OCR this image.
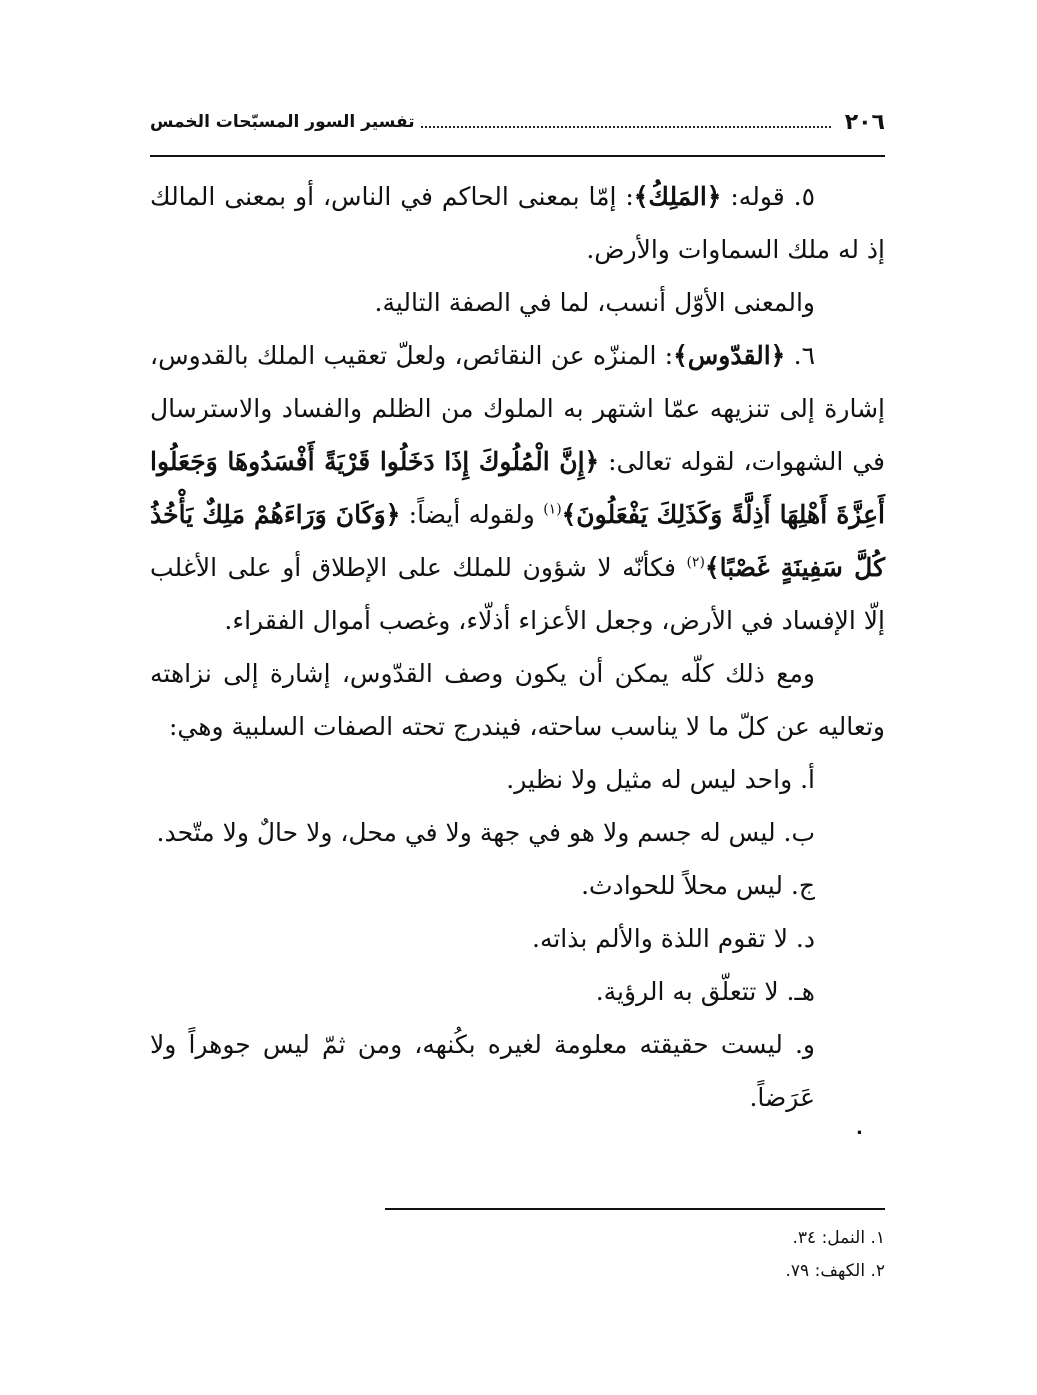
٢٠٦
تفسير السور المسبّحات الخمس

٥. قوله: ﴿المَلِكُ﴾: إمّا بمعنى الحاكم في الناس، أو بمعنى المالك إذ له ملك السماوات والأرض.

والمعنى الأوّل أنسب، لما في الصفة التالية.

٦. ﴿القدّوس﴾: المنزّه عن النقائص، ولعلّ تعقيب الملك بالقدوس، إشارة إلى تنزيهه عمّا اشتهر به الملوك من الظلم والفساد والاسترسال في الشهوات، لقوله تعالى: ﴿إِنَّ الْمُلُوكَ إِذَا دَخَلُوا قَرْيَةً أَفْسَدُوهَا وَجَعَلُوا أَعِزَّةَ أَهْلِهَا أَذِلَّةً وَكَذَلِكَ يَفْعَلُونَ﴾$^{(١)}$ ولقوله أيضاً: ﴿وَكَانَ وَرَاءَهُمْ مَلِكٌ يَأْخُذُ كُلَّ سَفِينَةٍ غَصْبًا﴾$^{(٢)}$ فكأنّه لا شؤون للملك على الإطلاق أو على الأغلب إلّا الإفساد في الأرض، وجعل الأعزاء أذلّاء، وغصب أموال الفقراء.

ومع ذلك كلّه يمكن أن يكون وصف القدّوس، إشارة إلى نزاهته وتعاليه عن كلّ ما لا يناسب ساحته، فيندرج تحته الصفات السلبية وهي:

أ. واحد ليس له مثيل ولا نظير.

ب. ليس له جسم ولا هو في جهة ولا في محل، ولا حالٌ ولا متّحد.

ج. ليس محلاً للحوادث.

د. لا تقوم اللذة والألم بذاته.

هـ. لا تتعلّق به الرؤية.

و. ليست حقيقته معلومة لغيره بكُنهه، ومن ثمّ ليس جوهراً ولا عَرَضاً.

.

١. النمل: ٣٤.

٢. الكهف: ٧٩.
